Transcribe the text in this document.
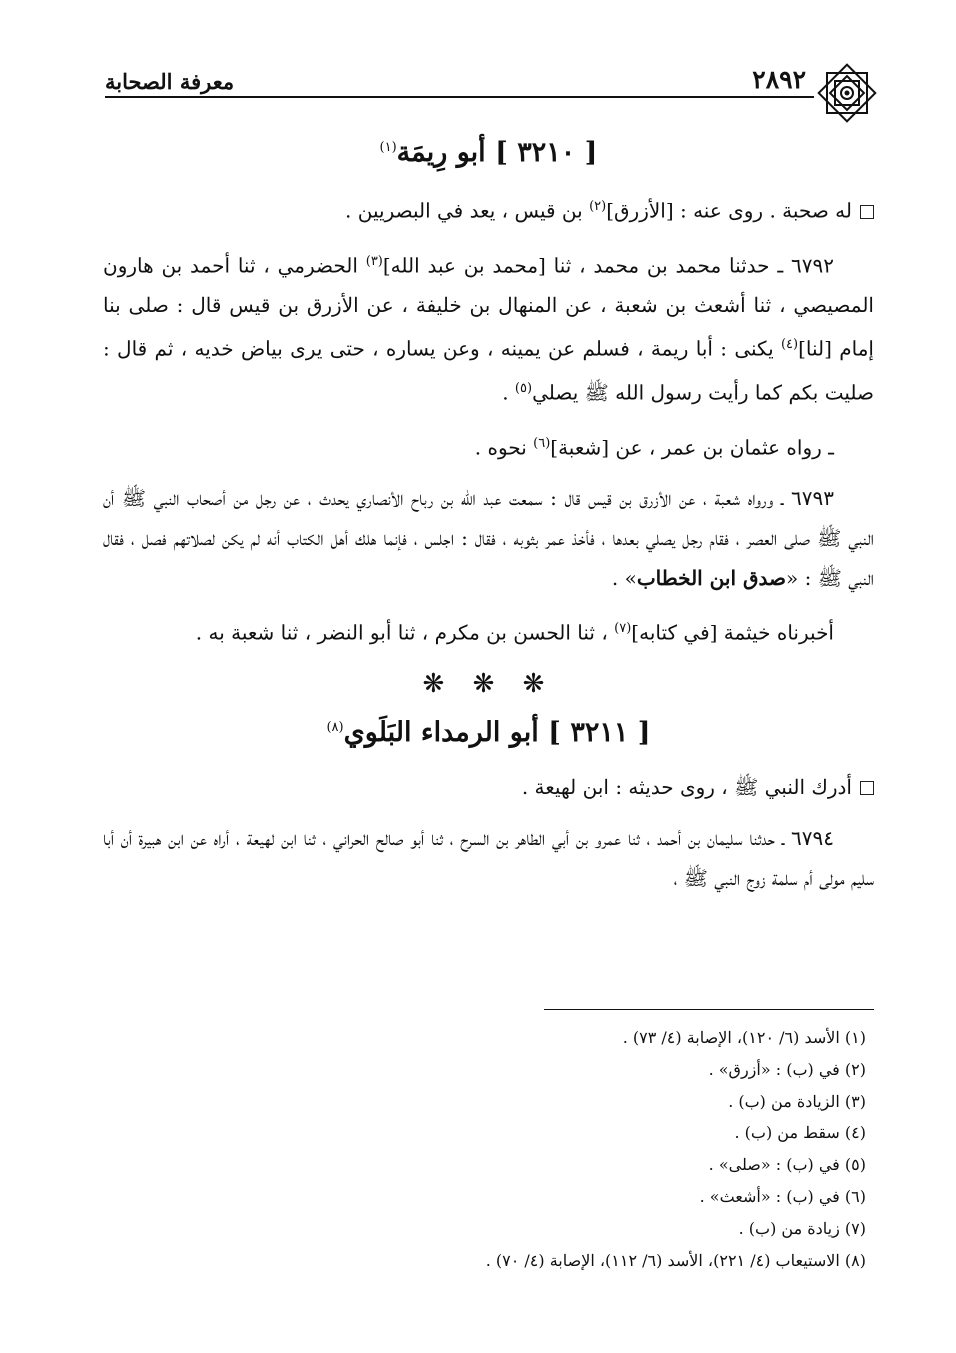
معرفة الصحابة	٢٨٩٢
[ ٣٢١٠ ] أبو رِيمَة$^{(١)}$

له صحبة . روى عنه : [الأزرق]$^{(٢)}$ بن قيس ، يعد في البصريين .

٦٧٩٢ ـ حدثنا محمد بن محمد ، ثنا [محمد بن عبد الله]$^{(٣)}$ الحضرمي ، ثنا أحمد بن هارون المصيصي ، ثنا أشعث بن شعبة ، عن المنهال بن خليفة ، عن الأزرق بن قيس قال : صلى بنا إمام [لنا]$^{(٤)}$ يكنى : أبا ريمة ، فسلم عن يمينه ، وعن يساره ، حتى يرى بياض خديه ، ثم قال : صليت بكم كما رأيت رسول الله ﷺ يصلي$^{(٥)}$ .

ـ رواه عثمان بن عمر ، عن [شعبة]$^{(٦)}$ نحوه .

٦٧٩٣ ـ ورواه شعبة ، عن الأزرق بن قيس قال : سمعت عبد الله بن رباح الأنصاري يحدث ، عن رجل من أصحاب النبي ﷺ أن النبي ﷺ صلى العصر ، فقام رجل يصلي بعدها ، فأخذ عمر بثوبه ، فقال : اجلس ، فإنما هلك أهل الكتاب أنه لم يكن لصلاتهم فصل ، فقال النبي ﷺ : «صدق ابن الخطاب» .

أخبرناه خيثمة [في كتابه]$^{(٧)}$ ، ثنا الحسن بن مكرم ، ثنا أبو النضر ، ثنا شعبة به .

❋ ❋ ❋
[ ٣٢١١ ] أبو الرمداء البَلَوي$^{(٨)}$

أدرك النبي ﷺ ، روى حديثه : ابن لهيعة .

٦٧٩٤ ـ حدثنا سليمان بن أحمد ، ثنا عمرو بن أبي الطاهر بن السرح ، ثنا أبو صالح الحراني ، ثنا ابن لهيعة ، أراه عن ابن هبيرة أن أبا سليم مولى أم سلمة زوج النبي ﷺ ،

(١) الأسد (٦/ ١٢٠)، الإصابة (٤/ ٧٣) .
(٢) في (ب) : «أزرق» .
(٣) الزيادة من (ب) .
(٤) سقط من (ب) .
(٥) في (ب) : «صلى» .
(٦) في (ب) : «أشعث» .
(٧) زيادة من (ب) .
(٨) الاستيعاب (٤/ ٢٢١)، الأسد (٦/ ١١٢)، الإصابة (٤/ ٧٠) .
